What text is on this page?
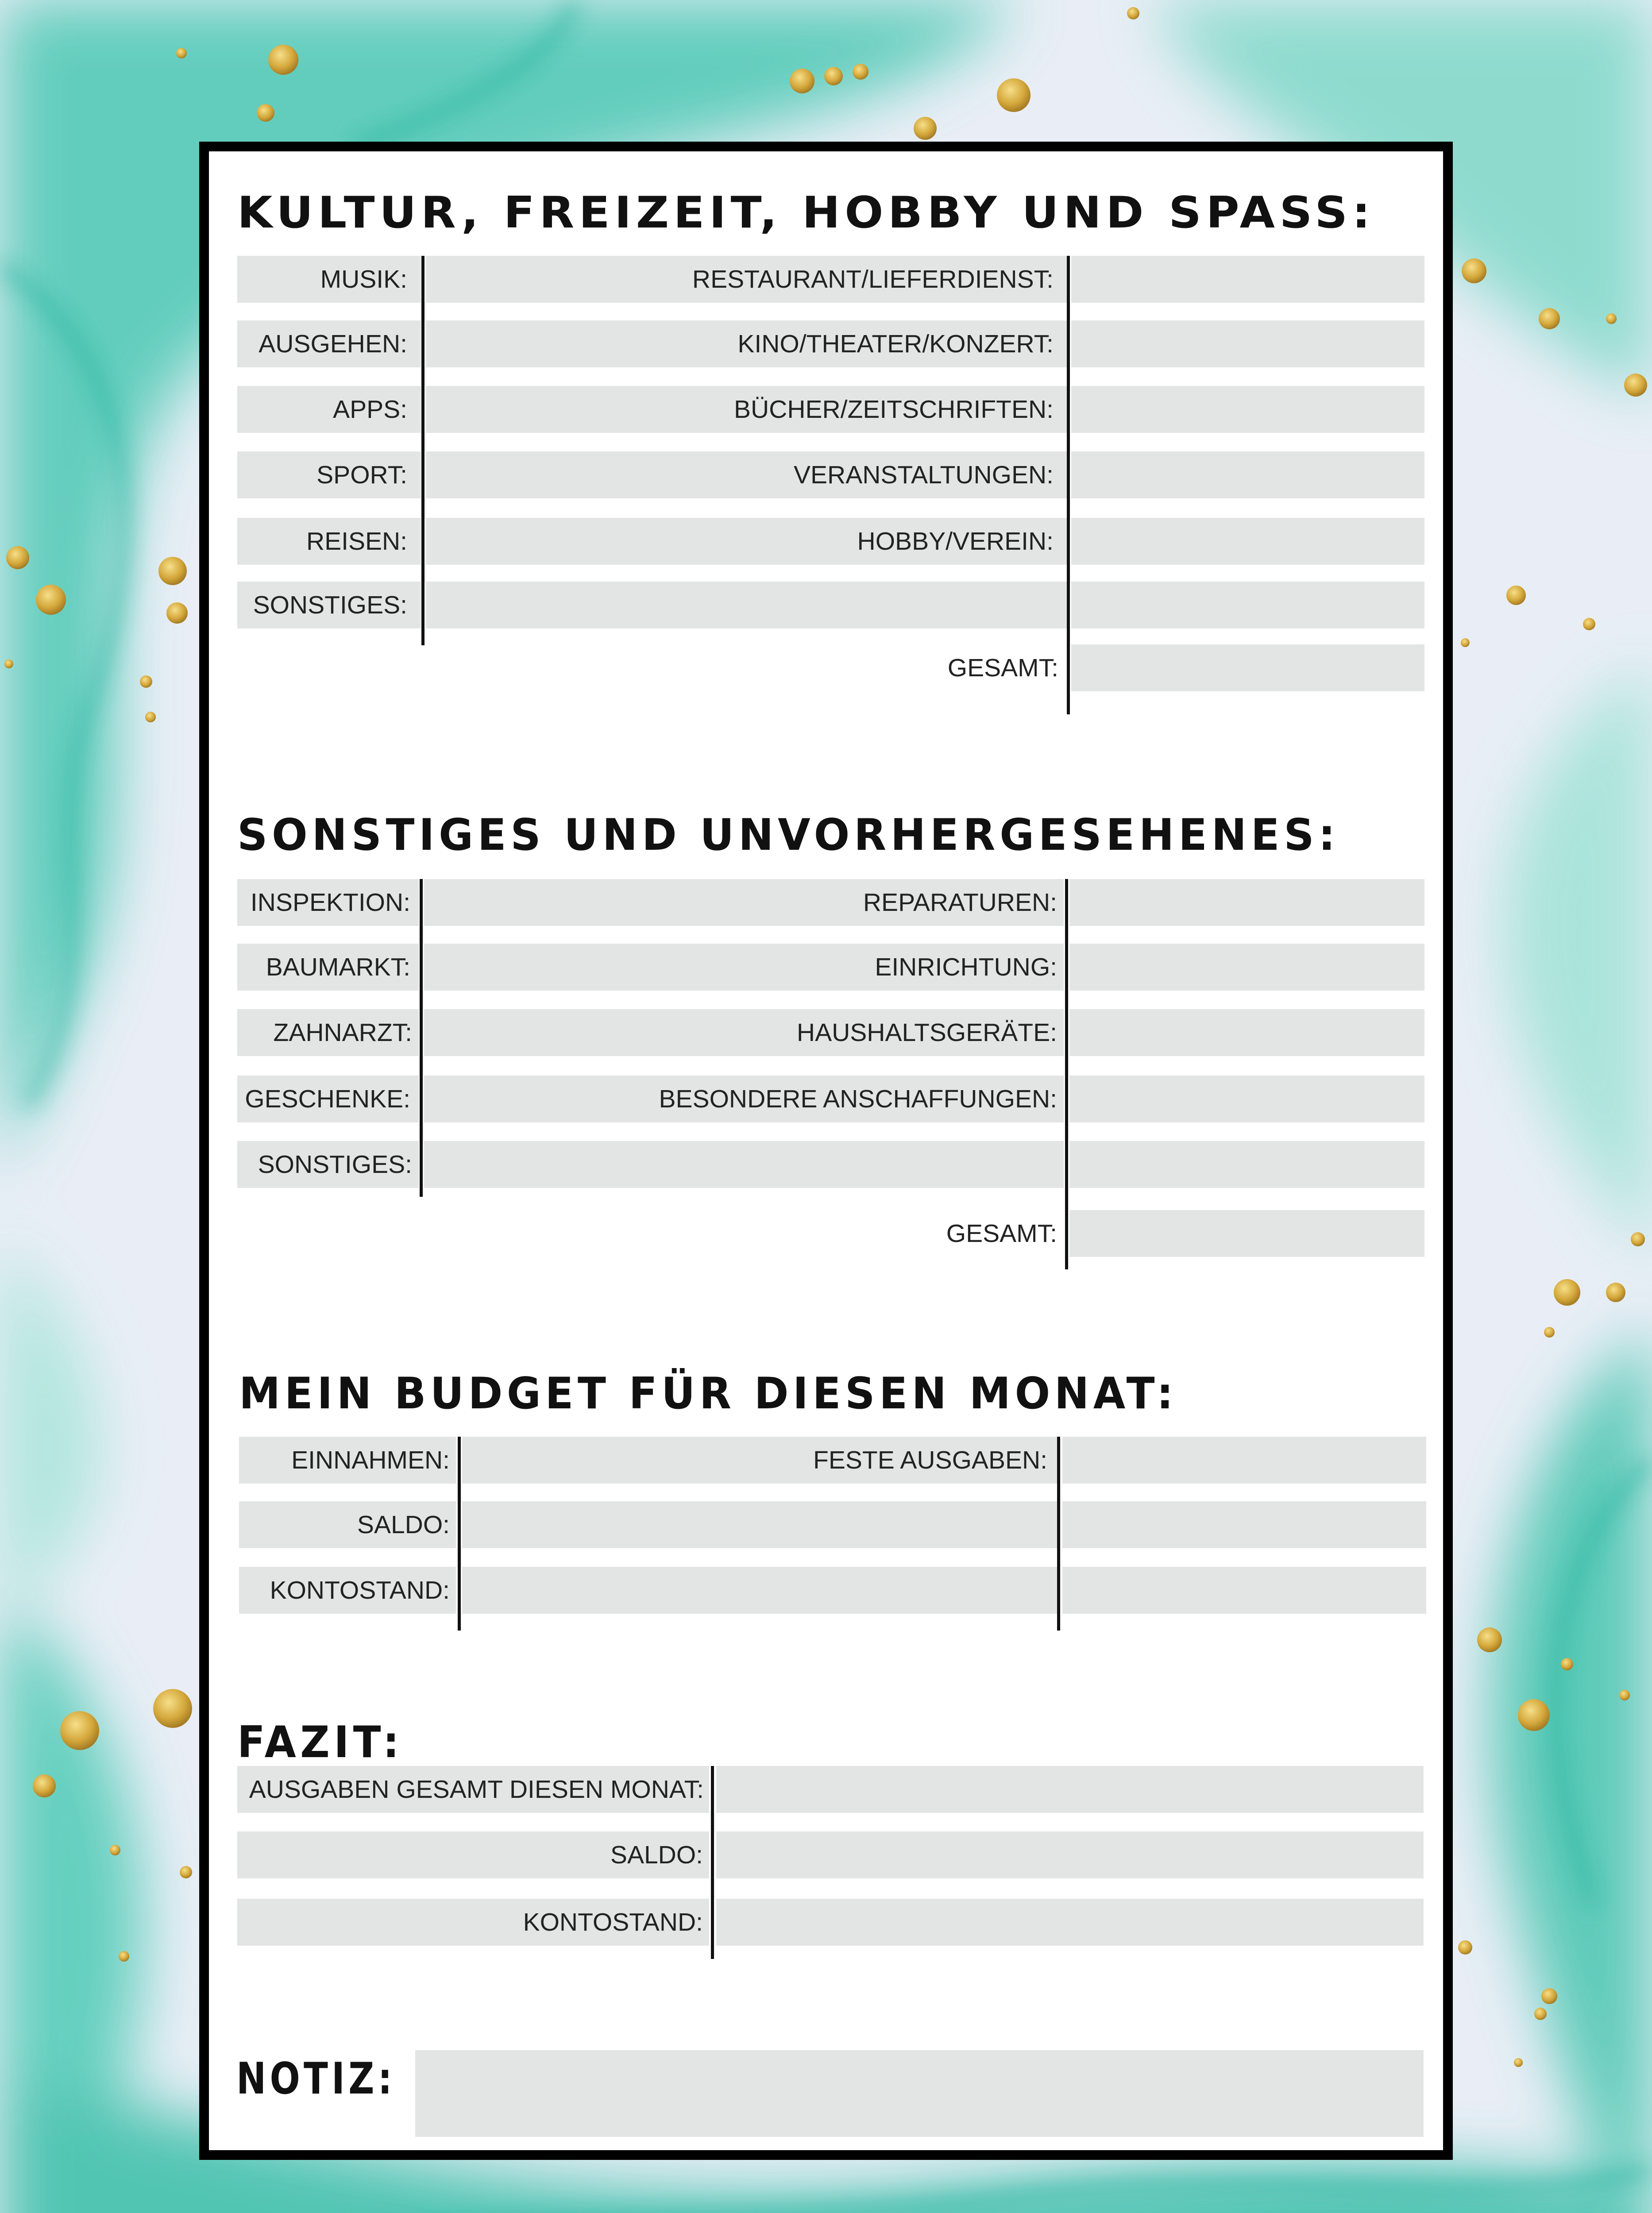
KULTUR, FREIZEIT, HOBBY UND SPASS:
MUSIK:
AUSGEHEN:
APPS:
SPORT:
REISEN:
SONSTIGES:
RESTAURANT/LIEFERDIENST:
KINO/THEATER/KONZERT:
BÜCHER/ZEITSCHRIFTEN:
VERANSTALTUNGEN:
HOBBY/VEREIN:
GESAMT:
SONSTIGES UND UNVORHERGESEHENES:
INSPEKTION:
BAUMARKT:
ZAHNARZT:
GESCHENKE:
SONSTIGES:
REPARATUREN:
EINRICHTUNG:
HAUSHALTSGERÄTE:
BESONDERE ANSCHAFFUNGEN:
GESAMT:
MEIN BUDGET FÜR DIESEN MONAT:
EINNAHMEN:
SALDO:
KONTOSTAND:
FESTE AUSGABEN:
FAZIT:
AUSGABEN GESAMT DIESEN MONAT:
SALDO:
KONTOSTAND:
NOTIZ:
